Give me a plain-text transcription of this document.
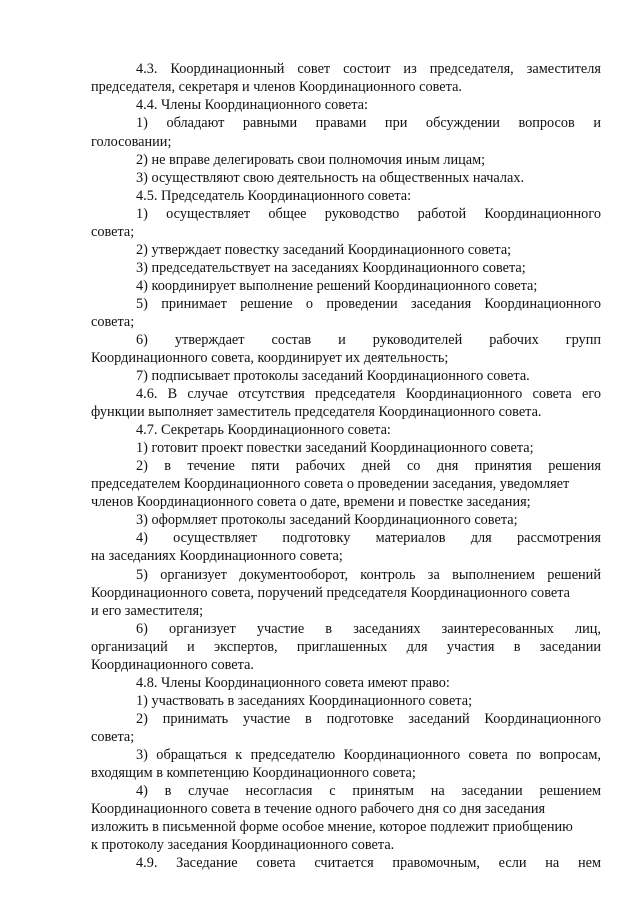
4.3. Координационный совет состоит из председателя, заместителя
председателя, секретаря и членов Координационного совета.
4.4. Члены Координационного совета:
1) обладают равными правами при обсуждении вопросов и
голосовании;
2) не вправе делегировать свои полномочия иным лицам;
3) осуществляют свою деятельность на общественных началах.
4.5. Председатель Координационного совета:
1) осуществляет общее руководство работой Координационного
совета;
2) утверждает повестку заседаний Координационного совета;
3) председательствует на заседаниях Координационного совета;
4) координирует выполнение решений Координационного совета;
5) принимает решение о проведении заседания Координационного
совета;
6) утверждает состав и руководителей рабочих групп
Координационного совета, координирует их деятельность;
7) подписывает протоколы заседаний Координационного совета.
4.6. В случае отсутствия председателя Координационного совета его
функции выполняет заместитель председателя Координационного совета.
4.7. Секретарь Координационного совета:
1) готовит проект повестки заседаний Координационного совета;
2) в течение пяти рабочих дней со дня принятия решения
председателем Координационного совета о проведении заседания, уведомляет
членов Координационного совета о дате, времени и повестке заседания;
3) оформляет протоколы заседаний Координационного совета;
4) осуществляет подготовку материалов для рассмотрения
на заседаниях Координационного совета;
5) организует документооборот, контроль за выполнением решений
Координационного совета, поручений председателя Координационного совета
и его заместителя;
6) организует участие в заседаниях заинтересованных лиц,
организаций и экспертов, приглашенных для участия в заседании
Координационного совета.
4.8. Члены Координационного совета имеют право:
1) участвовать в заседаниях Координационного совета;
2) принимать участие в подготовке заседаний Координационного
совета;
3) обращаться к председателю Координационного совета по вопросам,
входящим в компетенцию Координационного совета;
4) в случае несогласия с принятым на заседании решением
Координационного совета в течение одного рабочего дня со дня заседания
изложить в письменной форме особое мнение, которое подлежит приобщению
к протоколу заседания Координационного совета.
4.9. Заседание совета считается правомочным, если на нем
